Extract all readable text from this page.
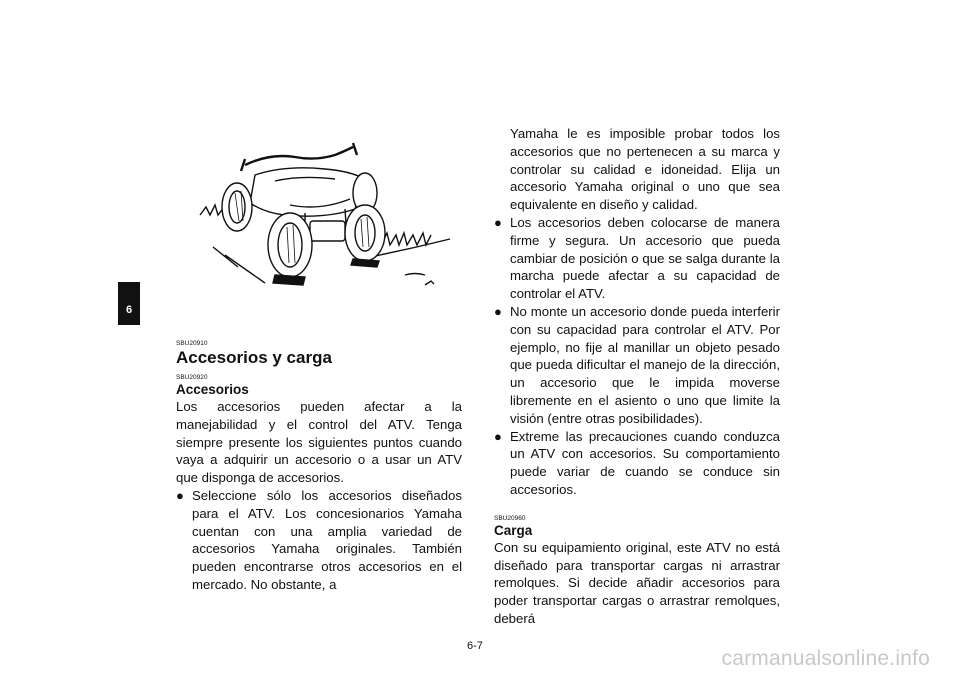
6
SBU20910
Accesorios y carga
SBU20920
Accesorios

Los accesorios pueden afectar a la manejabilidad y el control del ATV. Tenga siempre presente los siguientes puntos cuando vaya a adquirir un accesorio o a usar un ATV que disponga de accesorios.

● Seleccione sólo los accesorios diseñados para el ATV. Los concesionarios Yamaha cuentan con una amplia variedad de accesorios Yamaha originales. También pueden encontrarse otros accesorios en el mercado. No obstante, a

Yamaha le es imposible probar todos los accesorios que no pertenecen a su marca y controlar su calidad e idoneidad. Elija un accesorio Yamaha original o uno que sea equivalente en diseño y calidad.

● Los accesorios deben colocarse de manera firme y segura. Un accesorio que pueda cambiar de posición o que se salga durante la marcha puede afectar a su capacidad de controlar el ATV.
● No monte un accesorio donde pueda interferir con su capacidad para controlar el ATV. Por ejemplo, no fije al manillar un objeto pesado que pueda dificultar el manejo de la dirección, un accesorio que le impida moverse libremente en el asiento o uno que limite la visión (entre otras posibilidades).
● Extreme las precauciones cuando conduzca un ATV con accesorios. Su comportamiento puede variar de cuando se conduce sin accesorios.
SBU20960
Carga

Con su equipamiento original, este ATV no está diseñado para transportar cargas ni arrastrar remolques. Si decide añadir accesorios para poder transportar cargas o arrastrar remolques, deberá

6-7
carmanualsonline.info
